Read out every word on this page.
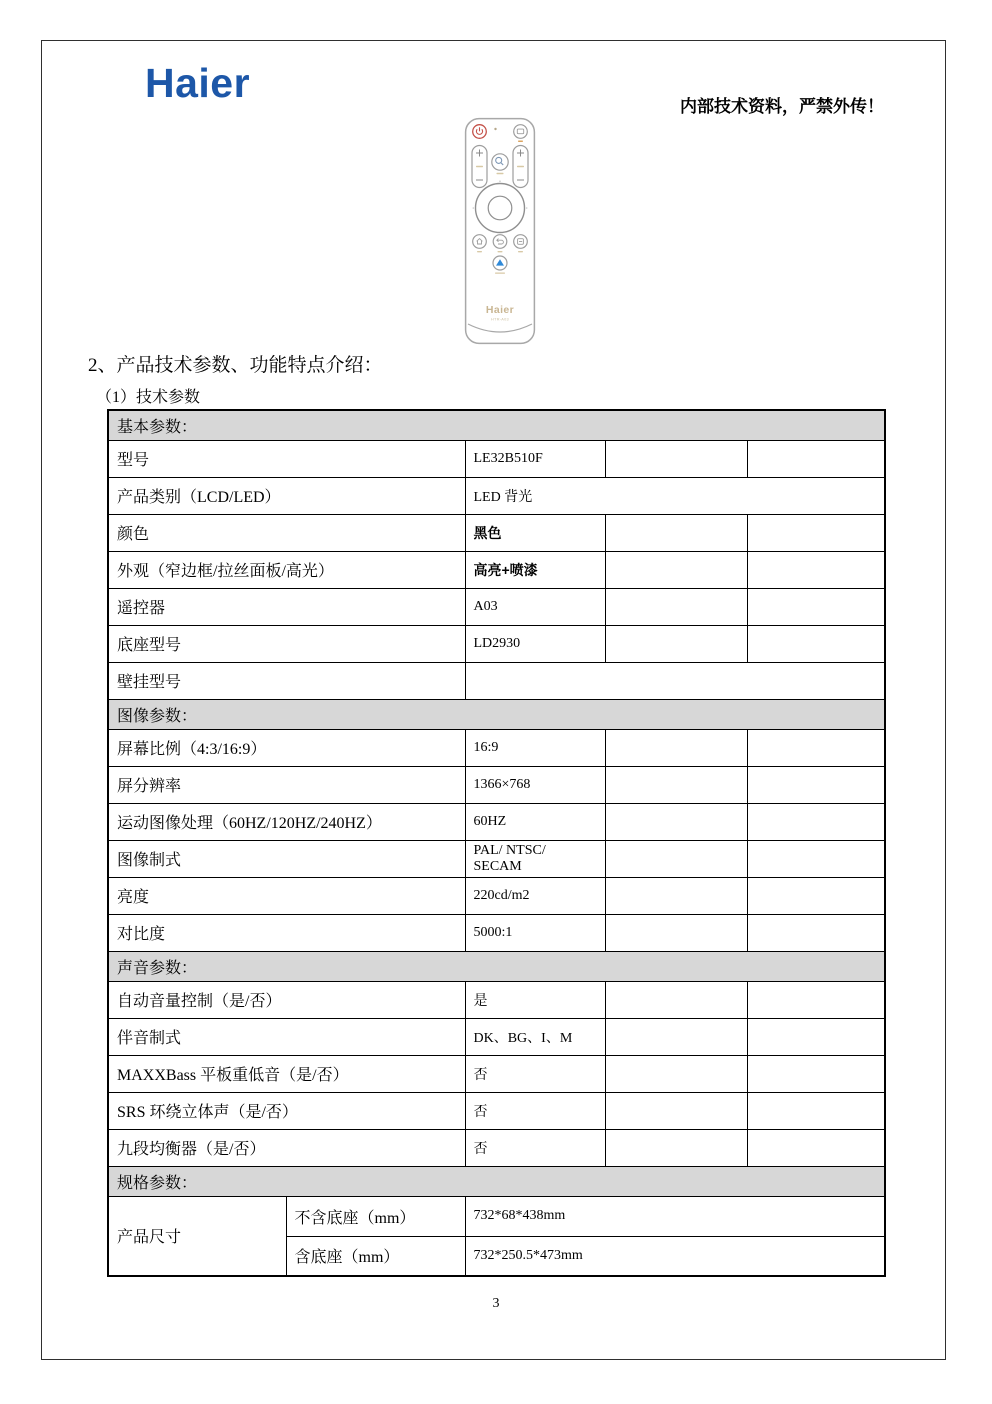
Haier
内部技术资料，严禁外传！
Haier
HTR-A03
2、产品技术参数、功能特点介绍：
（1）技术参数
基本参数：				
型号		LE32B510F		
产品类别（LCD/LED）		LED 背光		
颜色		黑色		
外观（窄边框/拉丝面板/高光）		高亮+喷漆		
遥控器		A03		
底座型号		LD2930		
壁挂型号				
图像参数：				
屏幕比例（4:3/16:9）		16:9		
屏分辨率		1366×768		
运动图像处理（60HZ/120HZ/240HZ）		60HZ		
图像制式		PAL/ NTSC/ SECAM		
亮度		220cd/m2		
对比度		5000:1		
声音参数：				
自动音量控制（是/否）		是		
伴音制式		DK、BG、I、M		
MAXXBass 平板重低音（是/否）		否		
SRS 环绕立体声（是/否）		否		
九段均衡器（是/否）		否		
规格参数：				
产品尺寸	不含底座（mm）	732*68*438mm		
	含底座（mm）	732*250.5*473mm		
3
